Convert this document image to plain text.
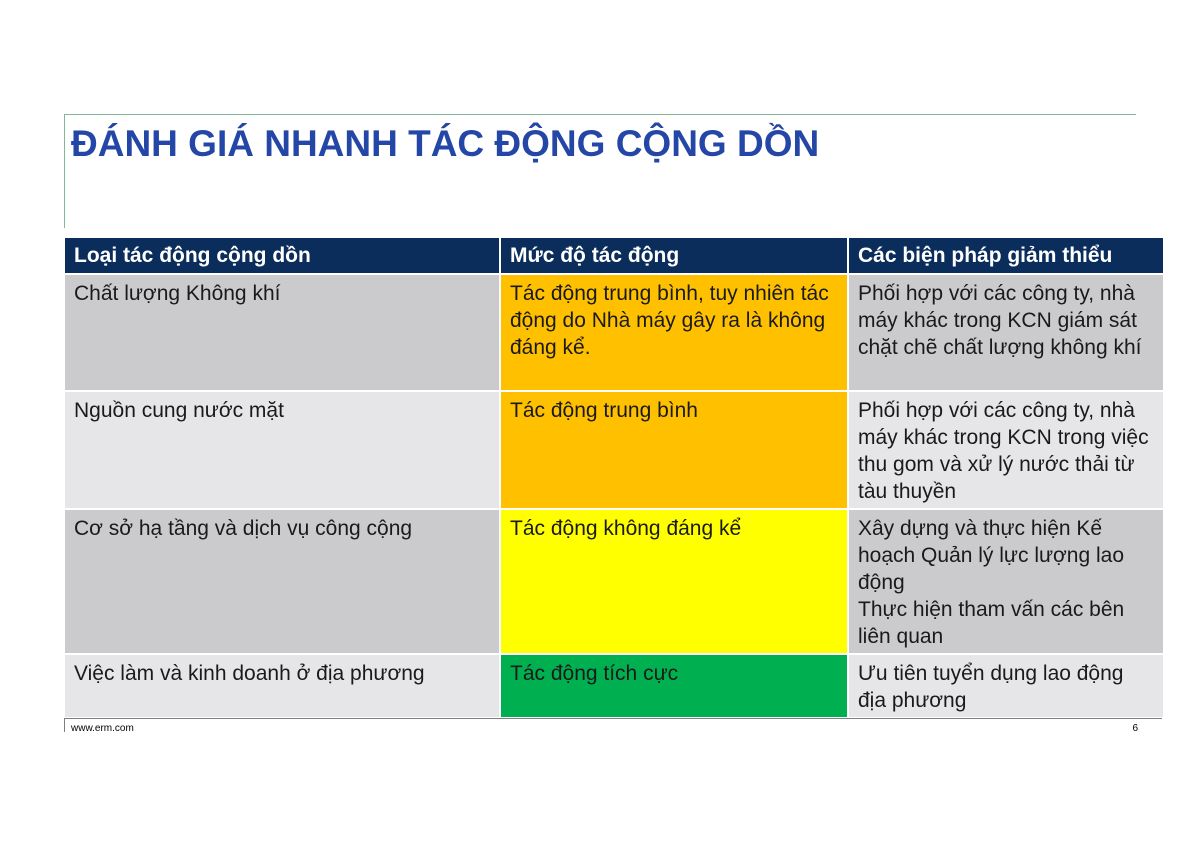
ĐÁNH GIÁ NHANH TÁC ĐỘNG CỘNG DỒN
Loại tác động cộng dồn	Mức độ tác động	Các biện pháp giảm thiểu
Chất lượng Không khí	Tác động trung bình, tuy nhiên tác động do Nhà máy gây ra là không đáng kể.	Phối hợp với các công ty, nhà máy khác trong KCN giám sát chặt chẽ chất lượng không khí
Nguồn cung nước mặt	Tác động trung bình	Phối hợp với các công ty, nhà máy khác trong KCN trong việc thu gom và xử lý nước thải từ tàu thuyền
Cơ sở hạ tầng và dịch vụ công cộng	Tác động không đáng kể	Xây dựng và thực hiện Kế hoạch Quản lý lực lượng lao động
Thực hiện tham vấn các bên liên quan
Việc làm và kinh doanh ở địa phương	Tác động tích cực	Ưu tiên tuyển dụng lao động địa phương
www.erm.com	6
